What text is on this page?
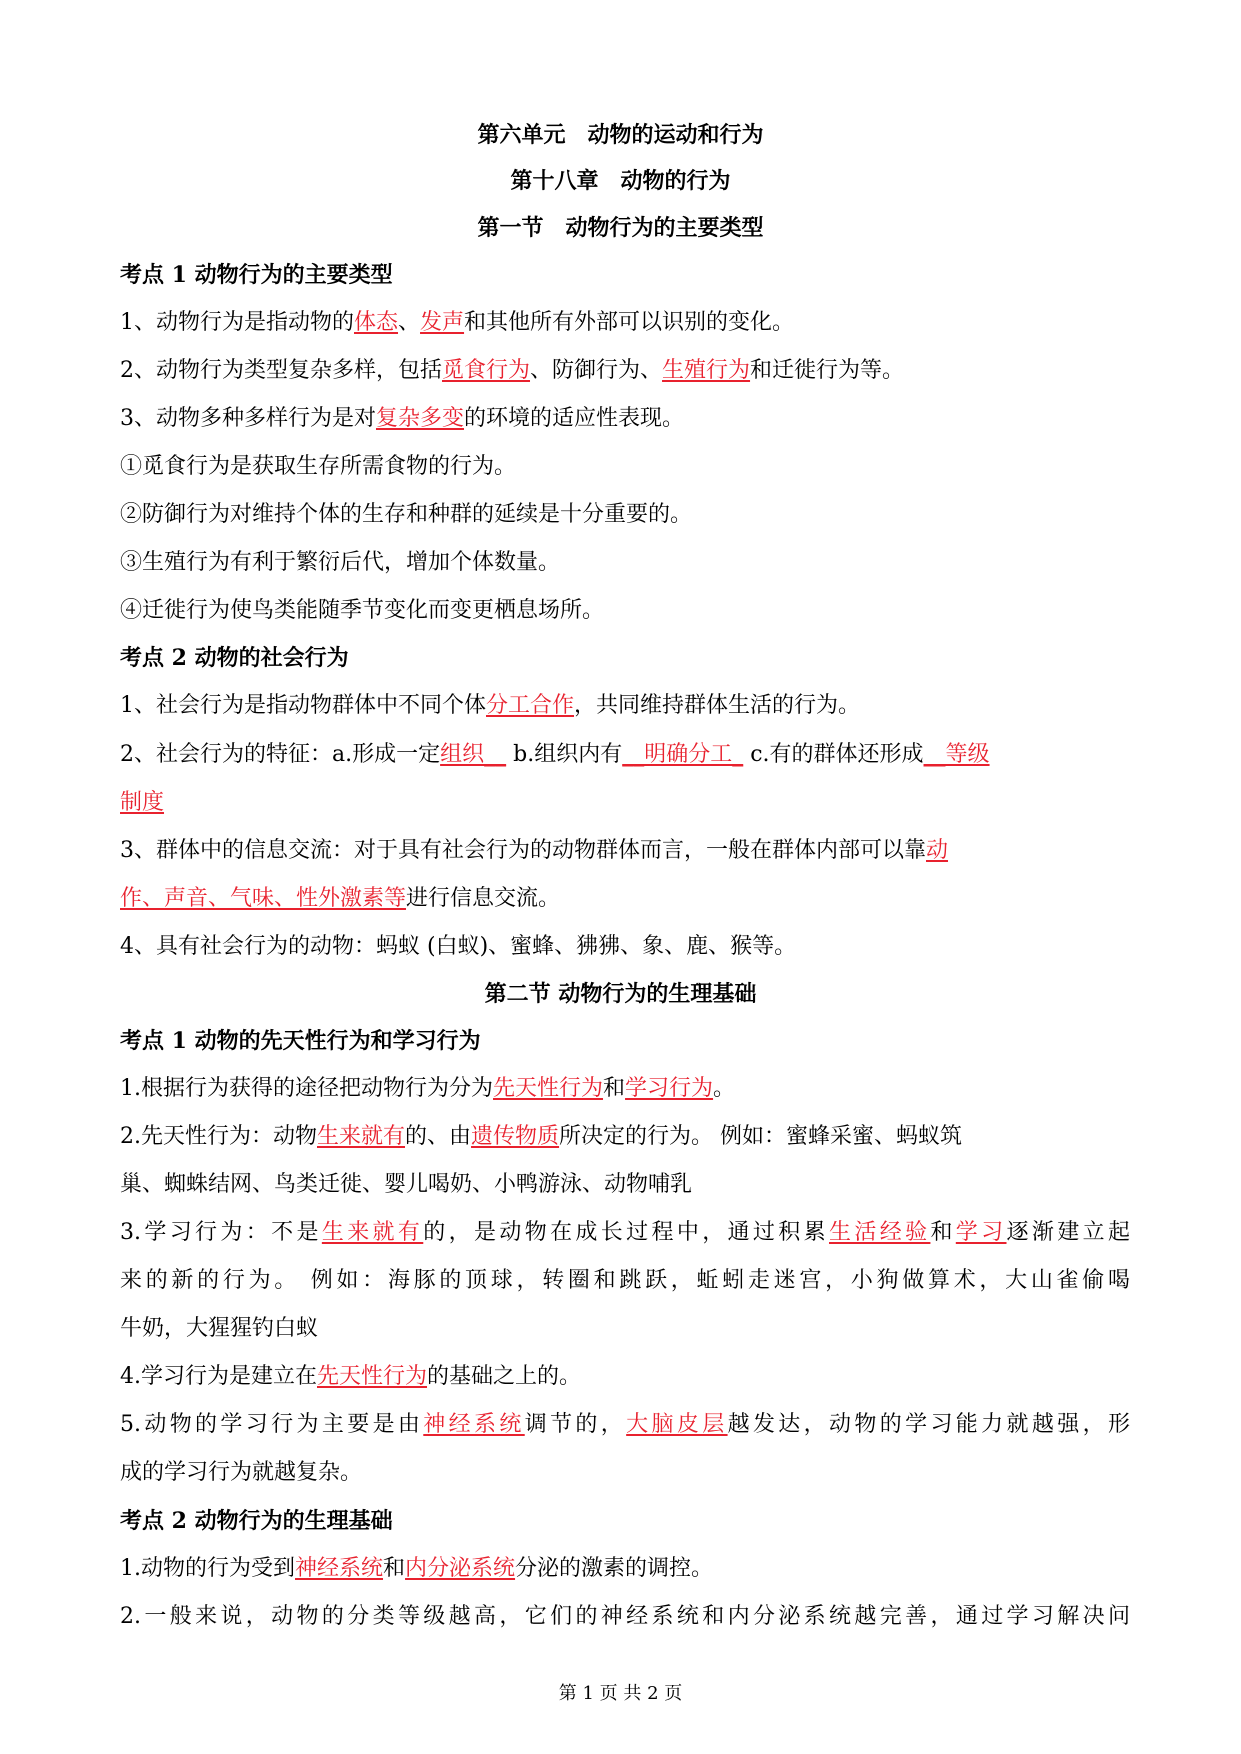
第六单元　动物的运动和行为
第十八章　动物的行为
第一节　动物行为的主要类型
考点 1 动物行为的主要类型
1、动物行为是指动物的体态、发声和其他所有外部可以识别的变化。
2、动物行为类型复杂多样，包括觅食行为、防御行为、生殖行为和迁徙行为等。
3、动物多种多样行为是对复杂多变的环境的适应性表现。
①觅食行为是获取生存所需食物的行为。
②防御行为对维持个体的生存和种群的延续是十分重要的。
③生殖行为有利于繁衍后代，增加个体数量。
④迁徙行为使鸟类能随季节变化而变更栖息场所。
考点 2 动物的社会行为
1、社会行为是指动物群体中不同个体分工合作，共同维持群体生活的行为。
2、社会行为的特征：a.形成一定组织__ b.组织内有__明确分工_ c.有的群体还形成__等级
制度
3、群体中的信息交流：对于具有社会行为的动物群体而言，一般在群体内部可以靠动
作、声音、气味、性外激素等进行信息交流。
4、具有社会行为的动物：蚂蚁 (白蚁)、蜜蜂、狒狒、象、鹿、猴等。
第二节 动物行为的生理基础
考点 1 动物的先天性行为和学习行为
1.根据行为获得的途径把动物行为分为先天性行为和学习行为。
2.先天性行为：动物生来就有的、由遗传物质所决定的行为。 例如：蜜蜂采蜜、蚂蚁筑
巢、蜘蛛结网、鸟类迁徙、婴儿喝奶、小鸭游泳、动物哺乳
3.学习行为：不是生来就有的，是动物在成长过程中，通过积累生活经验和学习逐渐建立起
来的新的行为。 例如：海豚的顶球，转圈和跳跃，蚯蚓走迷宫，小狗做算术，大山雀偷喝
牛奶，大猩猩钓白蚁
4.学习行为是建立在先天性行为的基础之上的。
5.动物的学习行为主要是由神经系统调节的，大脑皮层越发达，动物的学习能力就越强，形
成的学习行为就越复杂。
考点 2 动物行为的生理基础
1.动物的行为受到神经系统和内分泌系统分泌的激素的调控。
2.一般来说，动物的分类等级越高，它们的神经系统和内分泌系统越完善，通过学习解决问
第 1 页 共 2 页
